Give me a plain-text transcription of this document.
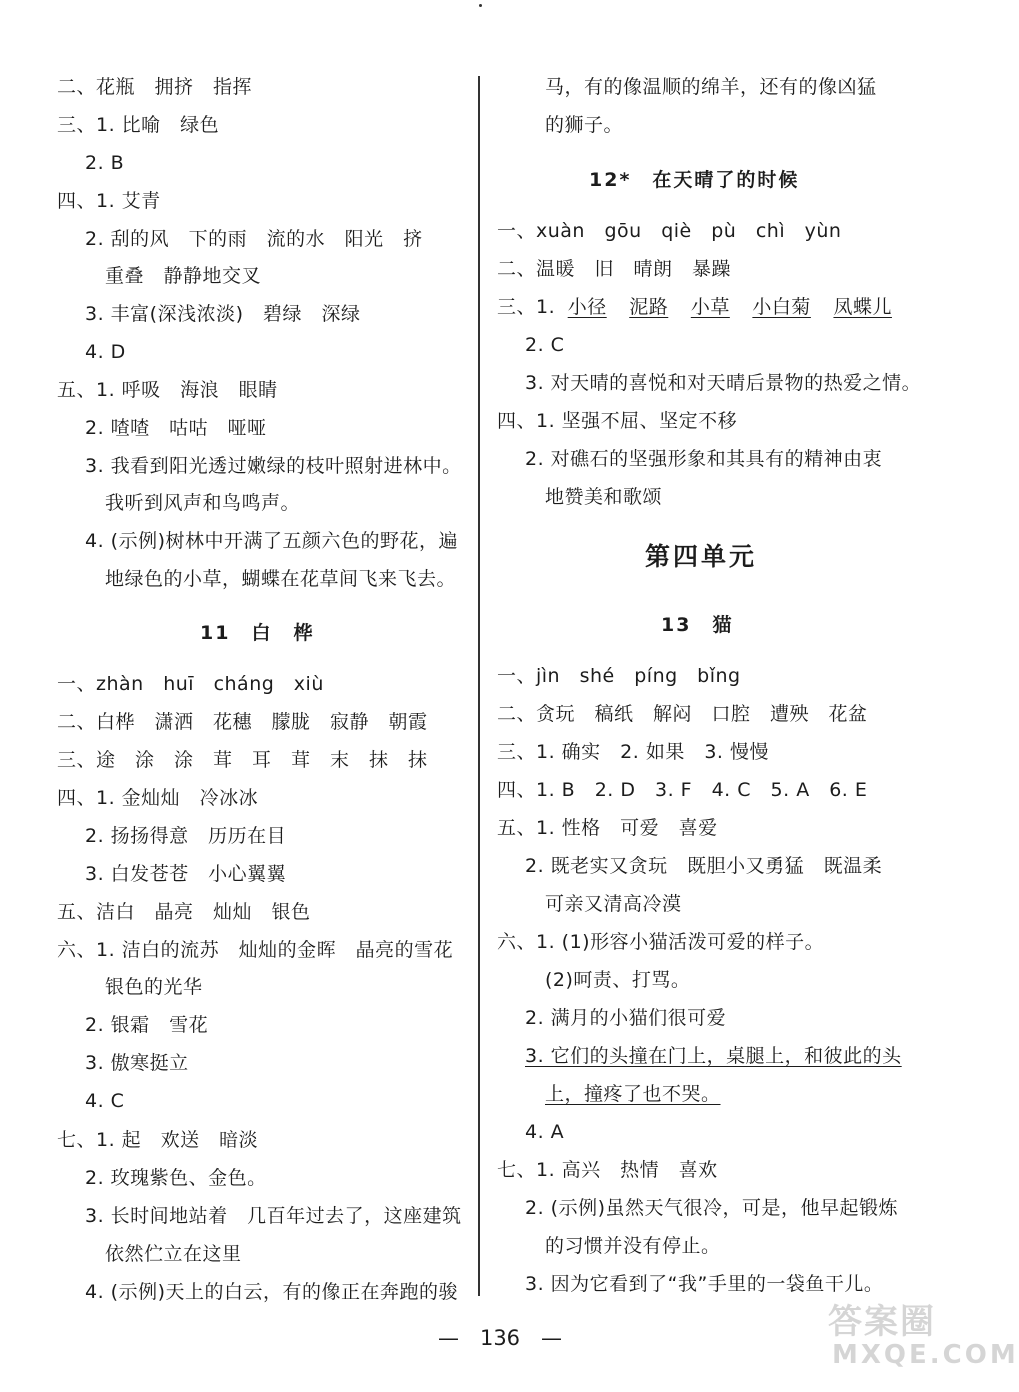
二、花瓶　拥挤　指挥
三、1. 比喻　绿色
2. B
四、1. 艾青
2. 刮的风　下的雨　流的水　阳光　挤
重叠　静静地交叉
3. 丰富(深浅浓淡)　碧绿　深绿
4. D
五、1. 呼吸　海浪　眼睛
2. 喳喳　咕咕　哑哑
3. 我看到阳光透过嫩绿的枝叶照射进林中。
我听到风声和鸟鸣声。
4. (示例)树林中开满了五颜六色的野花，遍
地绿色的小草，蝴蝶在花草间飞来飞去。
11　白　桦
一、zhàn　huī　cháng　xiù
二、白桦　潇洒　花穗　朦胧　寂静　朝霞
三、途　涂　涂　茸　耳　茸　末　抹　抹
四、1. 金灿灿　冷冰冰
2. 扬扬得意　历历在目
3. 白发苍苍　小心翼翼
五、洁白　晶亮　灿灿　银色
六、1. 洁白的流苏　灿灿的金晖　晶亮的雪花
银色的光华
2. 银霜　雪花
3. 傲寒挺立
4. C
七、1. 起　欢送　暗淡
2. 玫瑰紫色、金色。
3. 长时间地站着　几百年过去了，这座建筑
依然伫立在这里
4. (示例)天上的白云，有的像正在奔跑的骏
马，有的像温顺的绵羊，还有的像凶猛
的狮子。
12*　在天晴了的时候
一、xuàn　gōu　qiè　pù　chì　yùn
二、温暖　旧　晴朗　暴躁
三、1. 小径 泥路 小草 小白菊 凤蝶儿
2. C
3. 对天晴的喜悦和对天晴后景物的热爱之情。
四、1. 坚强不屈、坚定不移
2. 对礁石的坚强形象和其具有的精神由衷
地赞美和歌颂
第四单元
13　猫
一、jìn　shé　píng　bǐng
二、贪玩　稿纸　解闷　口腔　遭殃　花盆
三、1. 确实　2. 如果　3. 慢慢
四、1. B　2. D　3. F　4. C　5. A　6. E
五、1. 性格　可爱　喜爱
2. 既老实又贪玩　既胆小又勇猛　既温柔
可亲又清高冷漠
六、1. (1)形容小猫活泼可爱的样子。
(2)呵责、打骂。
2. 满月的小猫们很可爱
3. 它们的头撞在门上，桌腿上，和彼此的头
上，撞疼了也不哭。
4. A
七、1. 高兴　热情　喜欢
2. (示例)虽然天气很冷，可是，他早起锻炼
的习惯并没有停止。
3. 因为它看到了“我”手里的一袋鱼干儿。
—　136　—	答案圈
MXQE.COM
